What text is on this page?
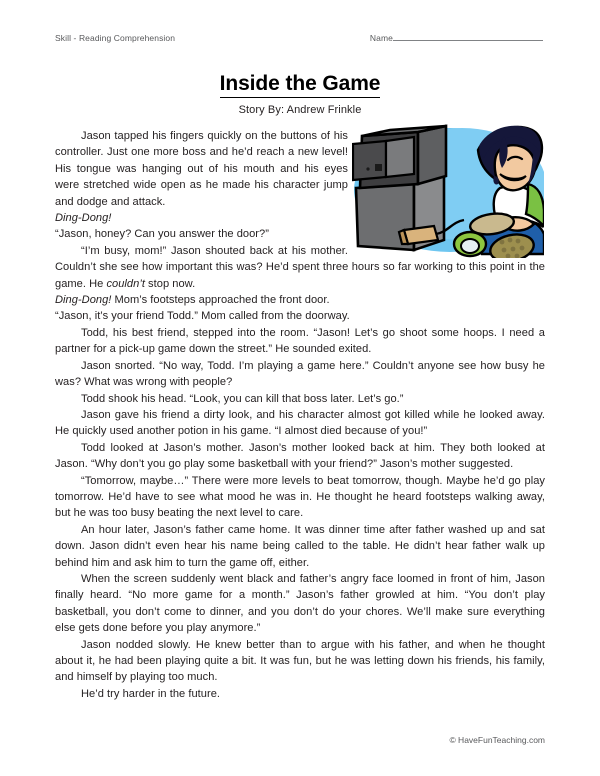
Skill - Reading Comprehension	Name
Inside the Game
Story By: Andrew Frinkle

Jason tapped his fingers quickly on the buttons of his controller. Just one more boss and he’d reach a new level! His tongue was hanging out of his mouth and his eyes were stretched wide open as he made his character jump and dodge and attack.

Ding-Dong!

“Jason, honey? Can you answer the door?”

“I’m busy, mom!” Jason shouted back at his mother. Couldn’t she see how important this was? He’d spent three hours so far working to this point in the game. He couldn’t stop now.

Ding-Dong! Mom’s footsteps approached the front door.

“Jason, it’s your friend Todd.” Mom called from the doorway.

Todd, his best friend, stepped into the room. “Jason! Let’s go shoot some hoops. I need a partner for a pick-up game down the street.” He sounded exited.

Jason snorted. “No way, Todd. I’m playing a game here.” Couldn’t anyone see how busy he was? What was wrong with people?

Todd shook his head. “Look, you can kill that boss later. Let’s go.”

Jason gave his friend a dirty look, and his character almost got killed while he looked away. He quickly used another potion in his game. “I almost died because of you!”

Todd looked at Jason’s mother. Jason’s mother looked back at him. They both looked at Jason. “Why don’t you go play some basketball with your friend?” Jason’s mother suggested.

“Tomorrow, maybe…” There were more levels to beat tomorrow, though. Maybe he’d go play tomorrow. He’d have to see what mood he was in. He thought he heard footsteps walking away, but he was too busy beating the next level to care.

An hour later, Jason’s father came home. It was dinner time after father washed up and sat down. Jason didn’t even hear his name being called to the table. He didn’t hear father walk up behind him and ask him to turn the game off, either.

When the screen suddenly went black and father’s angry face loomed in front of him, Jason finally heard. “No more game for a month.” Jason’s father growled at him. “You don’t play basketball, you don’t come to dinner, and you don’t do your chores. We’ll make sure everything else gets done before you play anymore.”

Jason nodded slowly. He knew better than to argue with his father, and when he thought about it, he had been playing quite a bit. It was fun, but he was letting down his friends, his family, and himself by playing too much.

He’d try harder in the future.

© HaveFunTeaching.com
